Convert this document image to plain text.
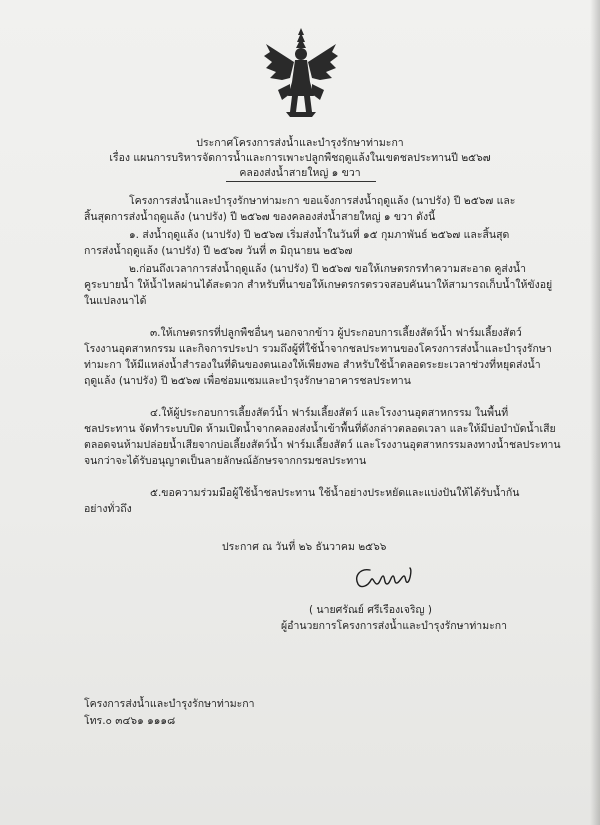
ประกาศโครงการส่งน้ำและบำรุงรักษาท่ามะกา
เรื่อง แผนการบริหารจัดการน้ำและการเพาะปลูกพืชฤดูแล้งในเขตชลประทานปี ๒๕๖๗
คลองส่งน้ำสายใหญ่ ๑ ขวา
โครงการส่งน้ำและบำรุงรักษาท่ามะกา ขอแจ้งการส่งน้ำฤดูแล้ง (นาปรัง) ปี ๒๕๖๗ และ
สิ้นสุดการส่งน้ำฤดูแล้ง (นาปรัง) ปี ๒๕๖๗ ของคลองส่งน้ำสายใหญ่ ๑ ขวา ดังนี้
๑. ส่งน้ำฤดูแล้ง (นาปรัง) ปี ๒๕๖๗ เริ่มส่งน้ำในวันที่ ๑๕ กุมภาพันธ์ ๒๕๖๗ และสิ้นสุด
การส่งน้ำฤดูแล้ง (นาปรัง) ปี ๒๕๖๗ วันที่ ๓ มิถุนายน ๒๕๖๗
๒.ก่อนถึงเวลาการส่งน้ำฤดูแล้ง (นาปรัง) ปี ๒๕๖๗ ขอให้เกษตรกรทำความสะอาด คูส่งน้ำ
คูระบายน้ำ ให้น้ำไหลผ่านได้สะดวก สำหรับที่นาขอให้เกษตรกรตรวจสอบคันนาให้สามารถเก็บน้ำให้ขังอยู่
ในแปลงนาได้
๓.ให้เกษตรกรที่ปลูกพืชอื่นๆ นอกจากข้าว ผู้ประกอบการเลี้ยงสัตว์น้ำ ฟาร์มเลี้ยงสัตว์
โรงงานอุตสาหกรรม และกิจการประปา รวมถึงผู้ที่ใช้น้ำจากชลประทานของโครงการส่งน้ำและบำรุงรักษา
ท่ามะกา ให้มีแหล่งน้ำสำรองในที่ดินของตนเองให้เพียงพอ สำหรับใช้น้ำตลอดระยะเวลาช่วงที่หยุดส่งน้ำ
ฤดูแล้ง (นาปรัง) ปี ๒๕๖๗ เพื่อซ่อมแซมและบำรุงรักษาอาคารชลประทาน
๔.ให้ผู้ประกอบการเลี้ยงสัตว์น้ำ ฟาร์มเลี้ยงสัตว์ และโรงงานอุตสาหกรรม ในพื้นที่
ชลประทาน จัดทำระบบปิด ห้ามเปิดน้ำจากคลองส่งน้ำเข้าพื้นที่ดังกล่าวตลอดเวลา และให้มีบ่อบำบัดน้ำเสีย
ตลอดจนห้ามปล่อยน้ำเสียจากบ่อเลี้ยงสัตว์น้ำ ฟาร์มเลี้ยงสัตว์ และโรงงานอุตสาหกรรมลงทางน้ำชลประทาน
จนกว่าจะได้รับอนุญาตเป็นลายลักษณ์อักษรจากกรมชลประทาน
๕.ขอความร่วมมือผู้ใช้น้ำชลประทาน ใช้น้ำอย่างประหยัดและแบ่งปันให้ได้รับน้ำกัน
อย่างทั่วถึง
ประกาศ ณ วันที่ ๒๖ ธันวาคม ๒๕๖๖
( นายศรัณย์ ศรีเรืองเจริญ )
ผู้อำนวยการโครงการส่งน้ำและบำรุงรักษาท่ามะกา
โครงการส่งน้ำและบำรุงรักษาท่ามะกา
โทร.๐ ๓๔๖๑ ๑๑๑๘
